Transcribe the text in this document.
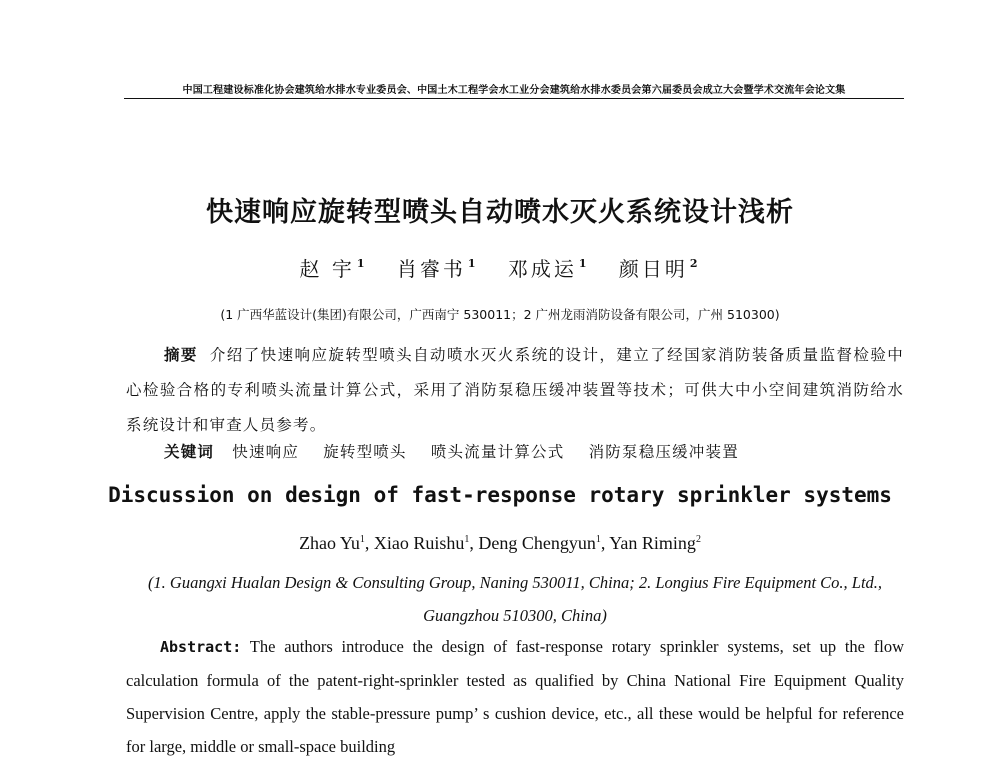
中国工程建设标准化协会建筑给水排水专业委员会、中国土木工程学会水工业分会建筑给水排水委员会第六届委员会成立大会暨学术交流年会论文集
快速响应旋转型喷头自动喷水灭火系统设计浅析
赵 宇 $^1$ 肖睿书 $^1$ 邓成运 $^1$ 颜日明 $^2$
(1 广西华蓝设计(集团)有限公司，广西南宁 530011；2 广州龙雨消防设备有限公司，广州 510300)
摘要 介绍了快速响应旋转型喷头自动喷水灭火系统的设计，建立了经国家消防装备质量监督检验中心检验合格的专利喷头流量计算公式，采用了消防泵稳压缓冲装置等技术；可供大中小空间建筑消防给水系统设计和审查人员参考。
关键词 快速响应 旋转型喷头 喷头流量计算公式 消防泵稳压缓冲装置
Discussion on design of fast-response rotary sprinkler systems
Zhao Yu$^1$, Xiao Ruishu$^1$, Deng Chengyun$^1$, Yan Riming$^2$
(1. Guangxi Hualan Design & Consulting Group, Naning 530011, China; 2. Longius Fire Equipment Co., Ltd., Guangzhou 510300, China)
Abstract: The authors introduce the design of fast-response rotary sprinkler systems, set up the flow calculation formula of the patent-right-sprinkler tested as qualified by China National Fire Equipment Quality Supervision Centre, apply the stable-pressure pump’ s cushion device, etc., all these would be helpful for reference for large, middle or small-space building
